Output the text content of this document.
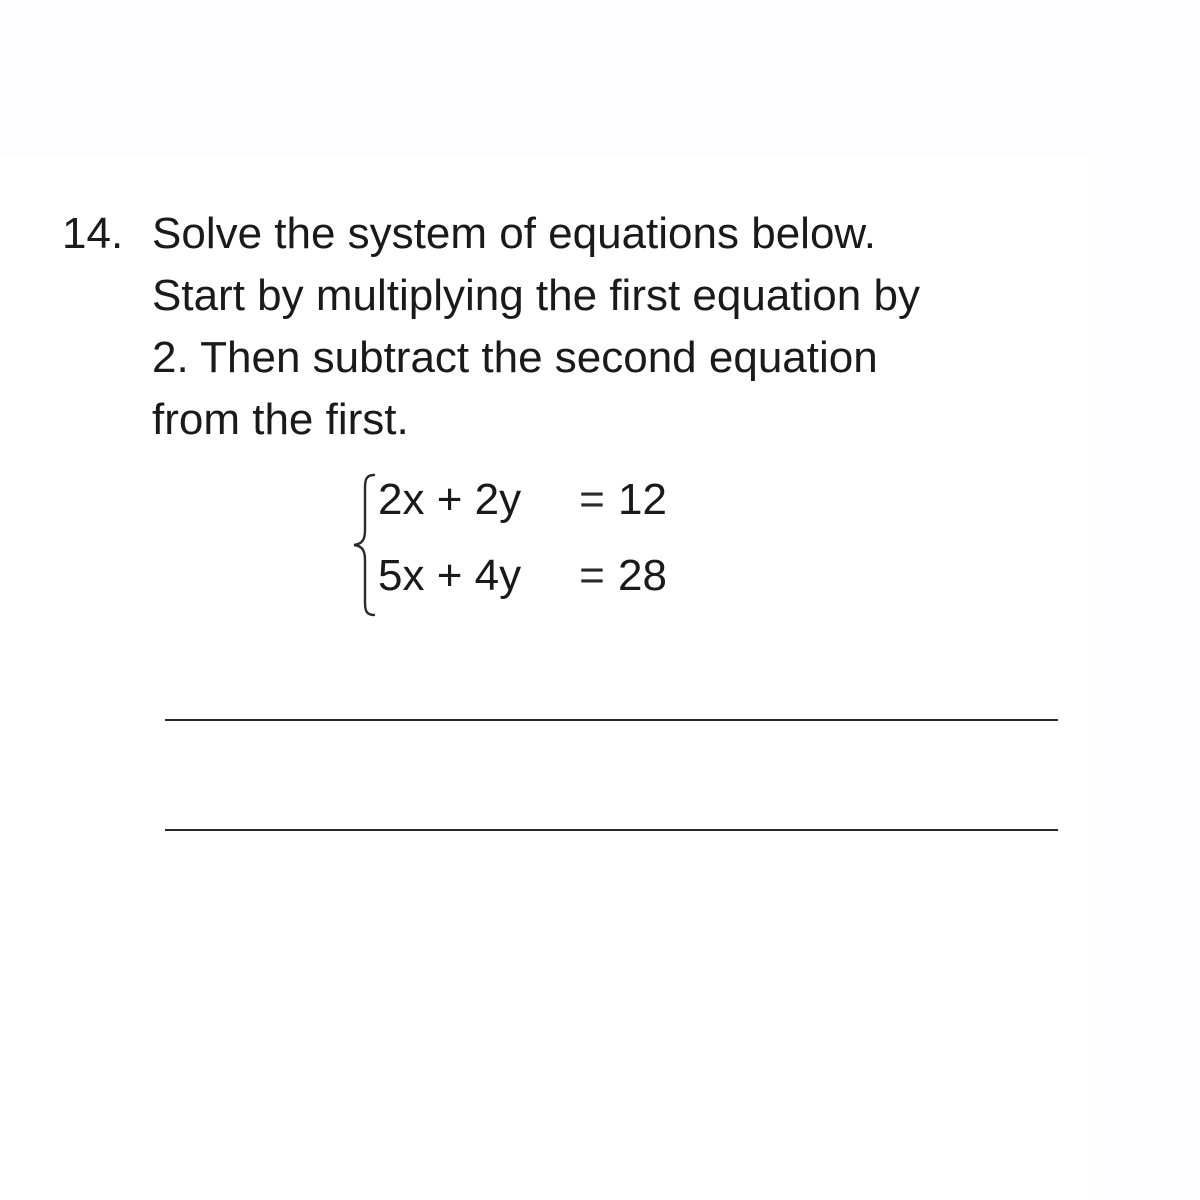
14. Solve the system of equations below.
Start by multiplying the first equation by
2. Then subtract the second equation
from the first.
2x + 2y = 12
5x + 4y = 28
